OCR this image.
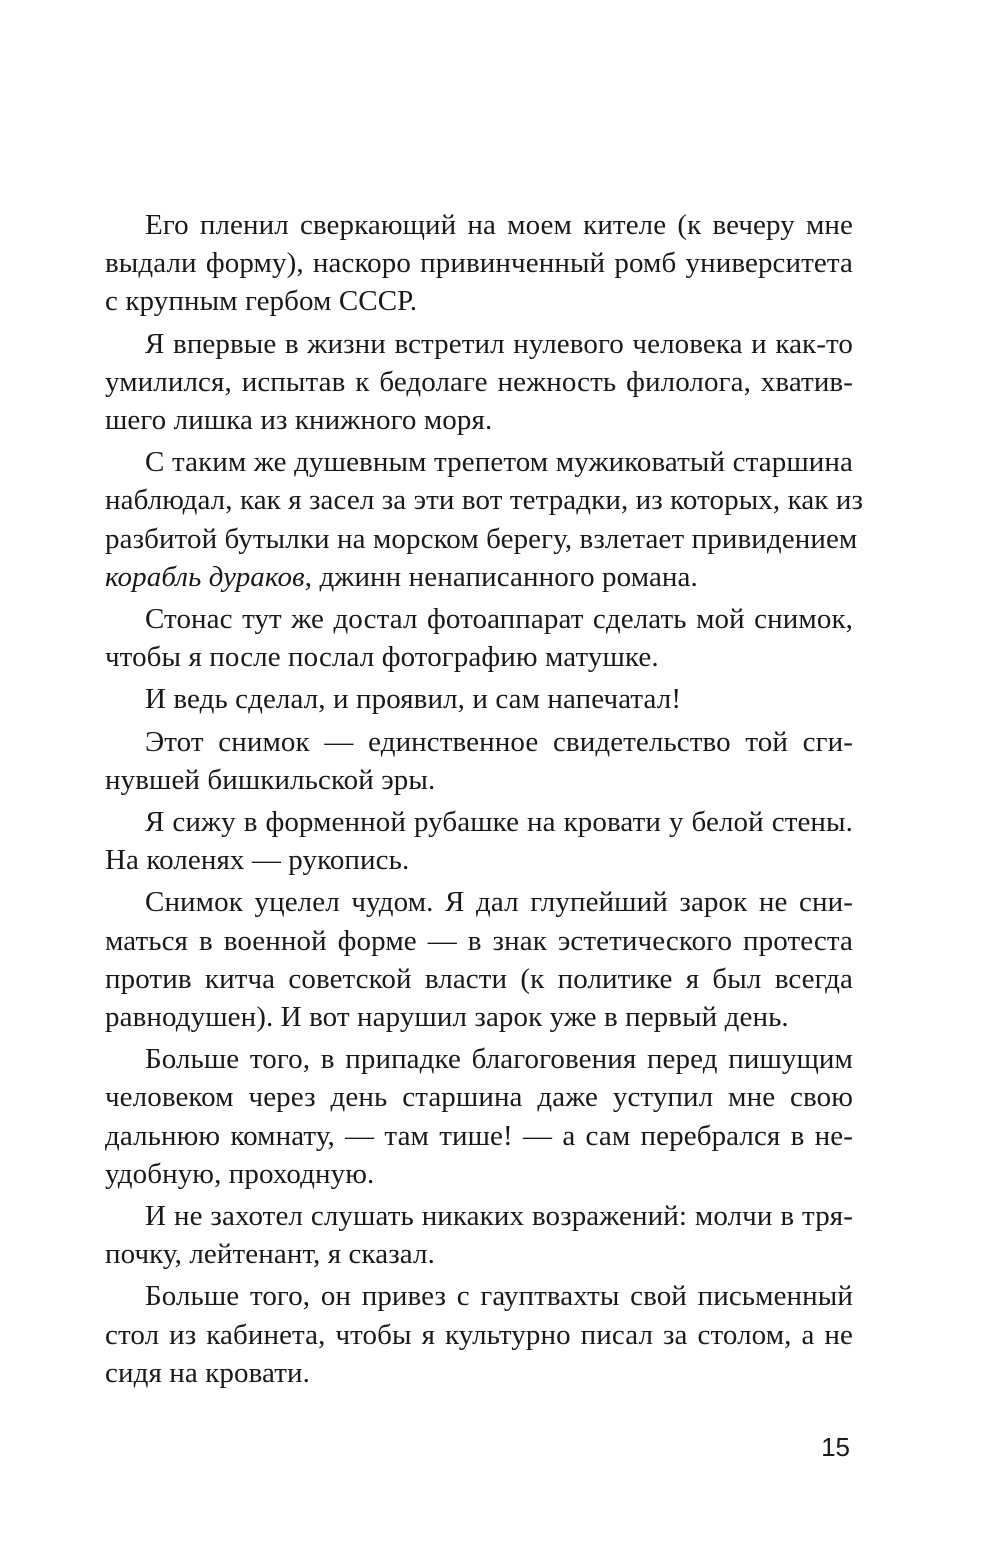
Его пленил сверкающий на моем кителе (к вечеру мне
выдали форму), наскоро привинченный ромб университета
с крупным гербом СССР.
Я впервые в жизни встретил нулевого человека и как-то
умилился, испытав к бедолаге нежность филолога, хватив-
шего лишка из книжного моря.
С таким же душевным трепетом мужиковатый старшина
наблюдал, как я засел за эти вот тетрадки, из которых, как из
разбитой бутылки на морском берегу, взлетает привидением
корабль дураков, джинн ненаписанного романа.
Стонас тут же достал фотоаппарат сделать мой снимок,
чтобы я после послал фотографию матушке.
И ведь сделал, и проявил, и сам напечатал!
Этот снимок — единственное свидетельство той сги-
нувшей бишкильской эры.
Я сижу в форменной рубашке на кровати у белой стены.
На коленях — рукопись.
Снимок уцелел чудом. Я дал глупейший зарок не сни-
маться в военной форме — в знак эстетического протеста
против китча советской власти (к политике я был всегда
равнодушен). И вот нарушил зарок уже в первый день.
Больше того, в припадке благоговения перед пишущим
человеком через день старшина даже уступил мне свою
дальнюю комнату, — там тише! — а сам перебрался в не-
удобную, проходную.
И не захотел слушать никаких возражений: молчи в тря-
почку, лейтенант, я сказал.
Больше того, он привез с гауптвахты свой письменный
стол из кабинета, чтобы я культурно писал за столом, а не
сидя на кровати.
15
